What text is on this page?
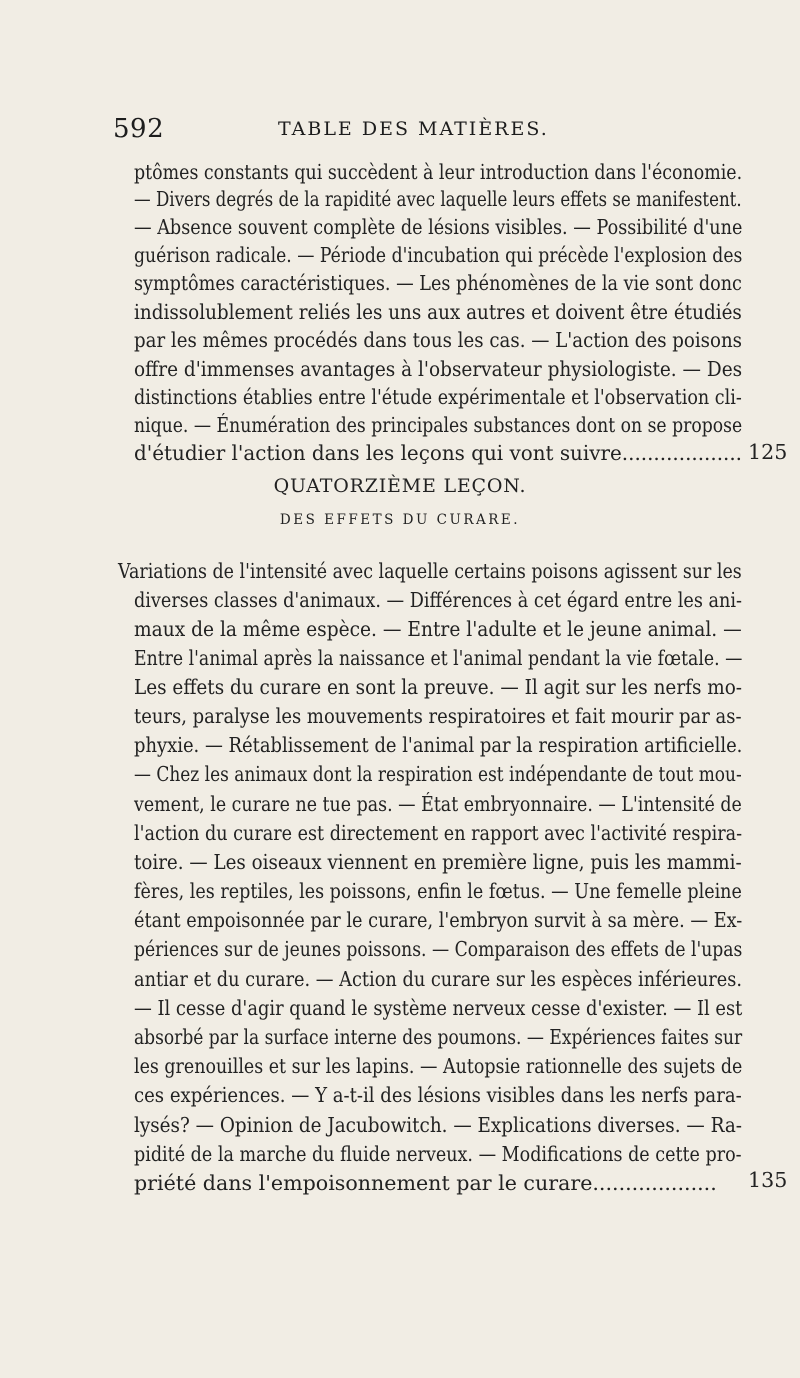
592	TABLE DES MATIÈRES.
ptômes constants qui succèdent à leur introduction dans l'économie.
— Divers degrés de la rapidité avec laquelle leurs effets se manifestent.
— Absence souvent complète de lésions visibles. — Possibilité d'une
guérison radicale. — Période d'incubation qui précède l'explosion des
symptômes caractéristiques. — Les phénomènes de la vie sont donc
indissolublement reliés les uns aux autres et doivent être étudiés
par les mêmes procédés dans tous les cas. — L'action des poisons
offre d'immenses avantages à l'observateur physiologiste. — Des
distinctions établies entre l'étude expérimentale et l'observation cli-
nique. — Énumération des principales substances dont on se propose
d'étudier l'action dans les leçons qui vont suivre................... 125
QUATORZIÈME LEÇON.
DES EFFETS DU CURARE.
Variations de l'intensité avec laquelle certains poisons agissent sur les
diverses classes d'animaux. — Différences à cet égard entre les ani-
maux de la même espèce. — Entre l'adulte et le jeune animal. —
Entre l'animal après la naissance et l'animal pendant la vie fœtale. —
Les effets du curare en sont la preuve. — Il agit sur les nerfs mo-
teurs, paralyse les mouvements respiratoires et fait mourir par as-
phyxie. — Rétablissement de l'animal par la respiration artificielle.
— Chez les animaux dont la respiration est indépendante de tout mou-
vement, le curare ne tue pas. — État embryonnaire. — L'intensité de
l'action du curare est directement en rapport avec l'activité respira-
toire. — Les oiseaux viennent en première ligne, puis les mammi-
fères, les reptiles, les poissons, enfin le fœtus. — Une femelle pleine
étant empoisonnée par le curare, l'embryon survit à sa mère. — Ex-
périences sur de jeunes poissons. — Comparaison des effets de l'upas
antiar et du curare. — Action du curare sur les espèces inférieures.
— Il cesse d'agir quand le système nerveux cesse d'exister. — Il est
absorbé par la surface interne des poumons. — Expériences faites sur
les grenouilles et sur les lapins. — Autopsie rationnelle des sujets de
ces expériences. — Y a-t-il des lésions visibles dans les nerfs para-
lysés? — Opinion de Jacubowitch. — Explications diverses. — Ra-
pidité de la marche du fluide nerveux. — Modifications de cette pro-
priété dans l'empoisonnement par le curare................... 135
